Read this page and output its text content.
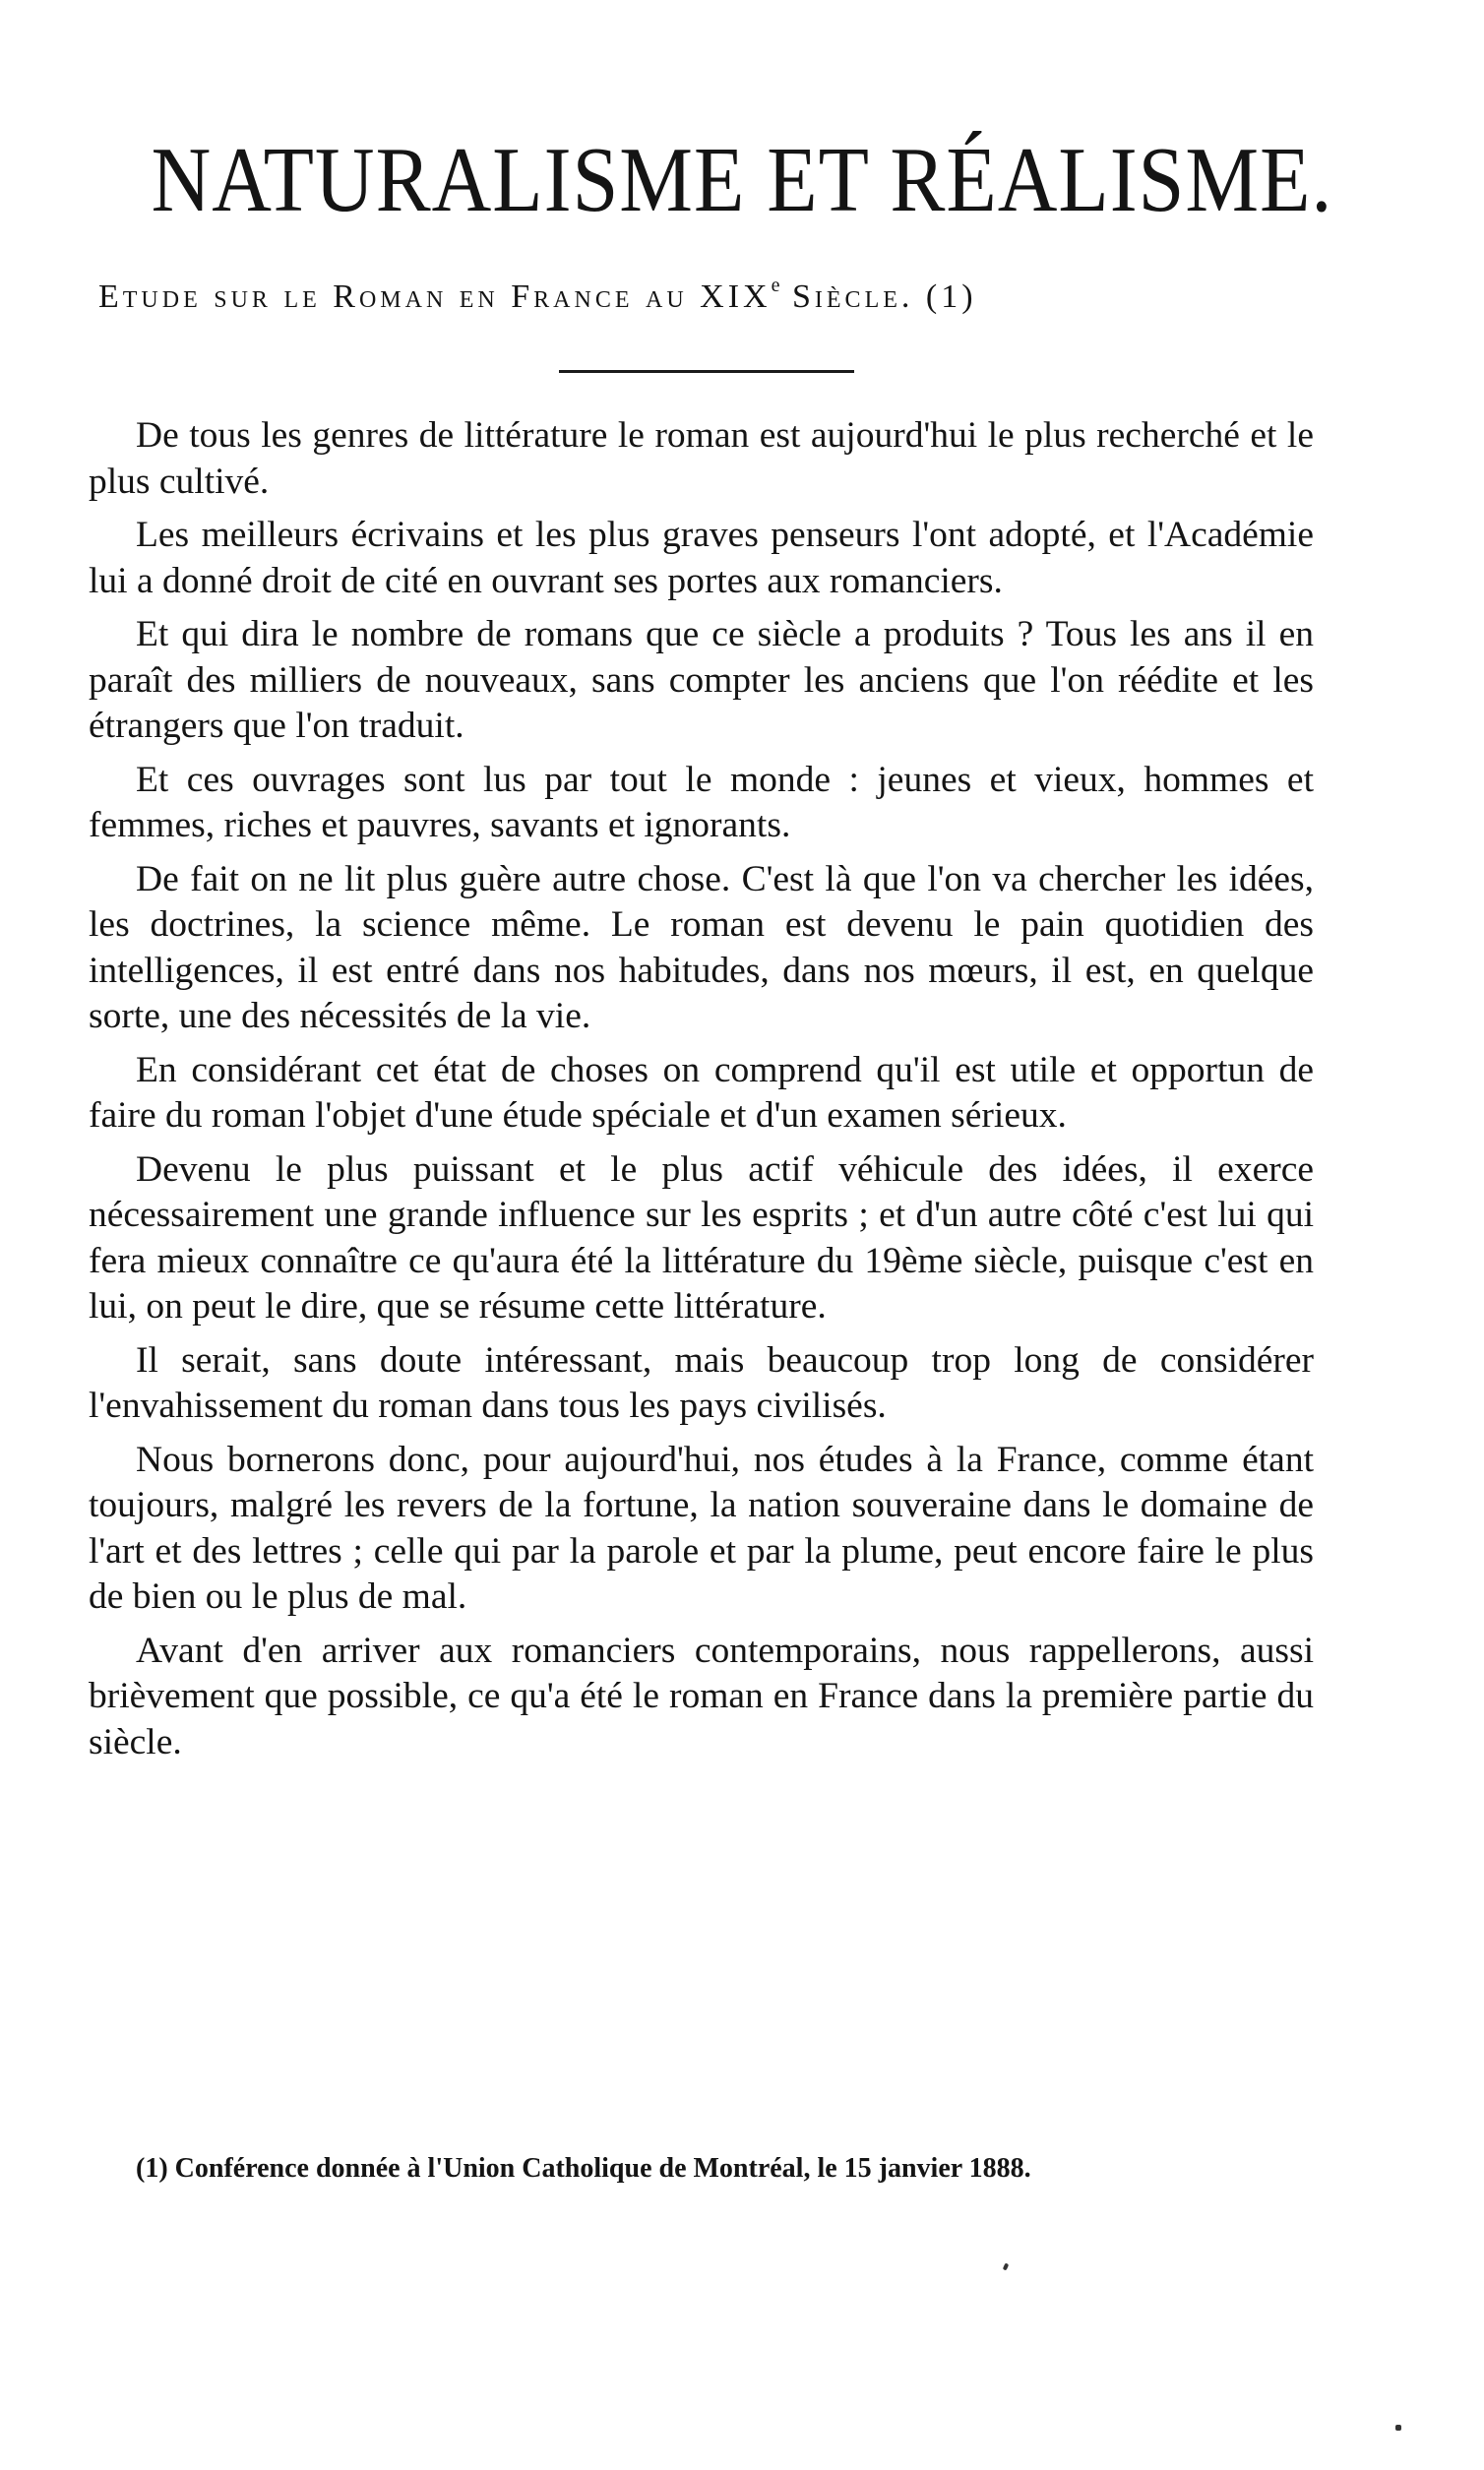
NATURALISME ET RÉALISME.

Etude sur le Roman en France au XIXe Siècle. (1)

De tous les genres de littérature le roman est aujourd'hui le plus recherché et le plus cultivé.

Les meilleurs écrivains et les plus graves penseurs l'ont adopté, et l'Académie lui a donné droit de cité en ouvrant ses portes aux romanciers.

Et qui dira le nombre de romans que ce siècle a produits ? Tous les ans il en paraît des milliers de nouveaux, sans compter les anciens que l'on réédite et les étrangers que l'on traduit.

Et ces ouvrages sont lus par tout le monde : jeunes et vieux, hommes et femmes, riches et pauvres, savants et ignorants.

De fait on ne lit plus guère autre chose. C'est là que l'on va chercher les idées, les doctrines, la science même. Le roman est devenu le pain quotidien des intelligences, il est entré dans nos habitudes, dans nos mœurs, il est, en quelque sorte, une des nécessités de la vie.

En considérant cet état de choses on comprend qu'il est utile et opportun de faire du roman l'objet d'une étude spéciale et d'un examen sérieux.

Devenu le plus puissant et le plus actif véhicule des idées, il exerce nécessairement une grande influence sur les esprits ; et d'un autre côté c'est lui qui fera mieux connaître ce qu'aura été la littérature du 19ème siècle, puisque c'est en lui, on peut le dire, que se résume cette littérature.

Il serait, sans doute intéressant, mais beaucoup trop long de considérer l'envahissement du roman dans tous les pays civilisés.

Nous bornerons donc, pour aujourd'hui, nos études à la France, comme étant toujours, malgré les revers de la fortune, la nation souveraine dans le domaine de l'art et des lettres ; celle qui par la parole et par la plume, peut encore faire le plus de bien ou le plus de mal.

Avant d'en arriver aux romanciers contemporains, nous rappellerons, aussi brièvement que possible, ce qu'a été le roman en France dans la première partie du siècle.

(1) Conférence donnée à l'Union Catholique de Montréal, le 15 janvier 1888.
